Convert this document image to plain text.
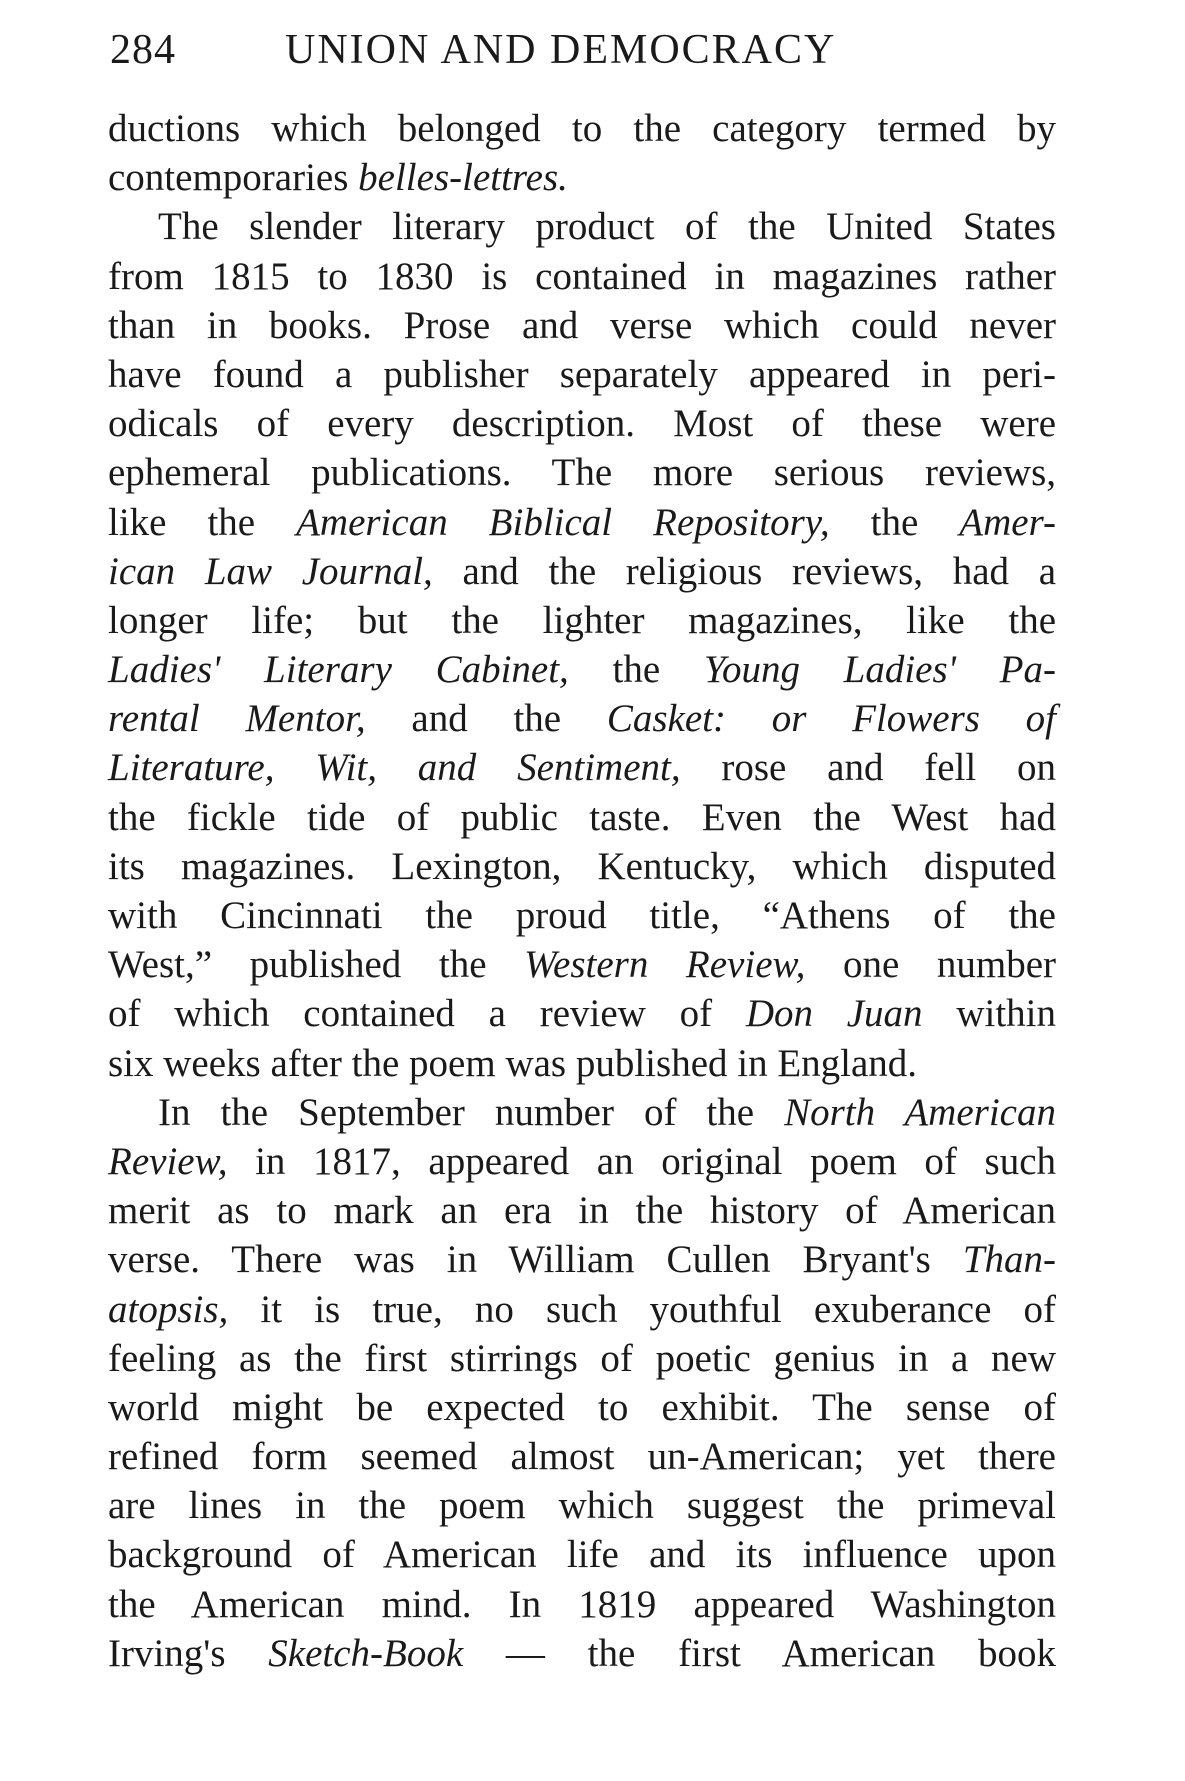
284	UNION AND DEMOCRACY
ductions which belonged to the category termed by
contemporaries belles-lettres.
The slender literary product of the United States
from 1815 to 1830 is contained in magazines rather
than in books. Prose and verse which could never
have found a publisher separately appeared in peri-
odicals of every description. Most of these were
ephemeral publications. The more serious reviews,
like the American Biblical Repository, the Amer-
ican Law Journal, and the religious reviews, had a
longer life; but the lighter magazines, like the
Ladies' Literary Cabinet, the Young Ladies' Pa-
rental Mentor, and the Casket: or Flowers of
Literature, Wit, and Sentiment, rose and fell on
the fickle tide of public taste. Even the West had
its magazines. Lexington, Kentucky, which disputed
with Cincinnati the proud title, “Athens of the
West,” published the Western Review, one number
of which contained a review of Don Juan within
six weeks after the poem was published in England.
In the September number of the North American
Review, in 1817, appeared an original poem of such
merit as to mark an era in the history of American
verse. There was in William Cullen Bryant's Than-
atopsis, it is true, no such youthful exuberance of
feeling as the first stirrings of poetic genius in a new
world might be expected to exhibit. The sense of
refined form seemed almost un-American; yet there
are lines in the poem which suggest the primeval
background of American life and its influence upon
the American mind. In 1819 appeared Washington
Irving's Sketch-Book — the first American book
